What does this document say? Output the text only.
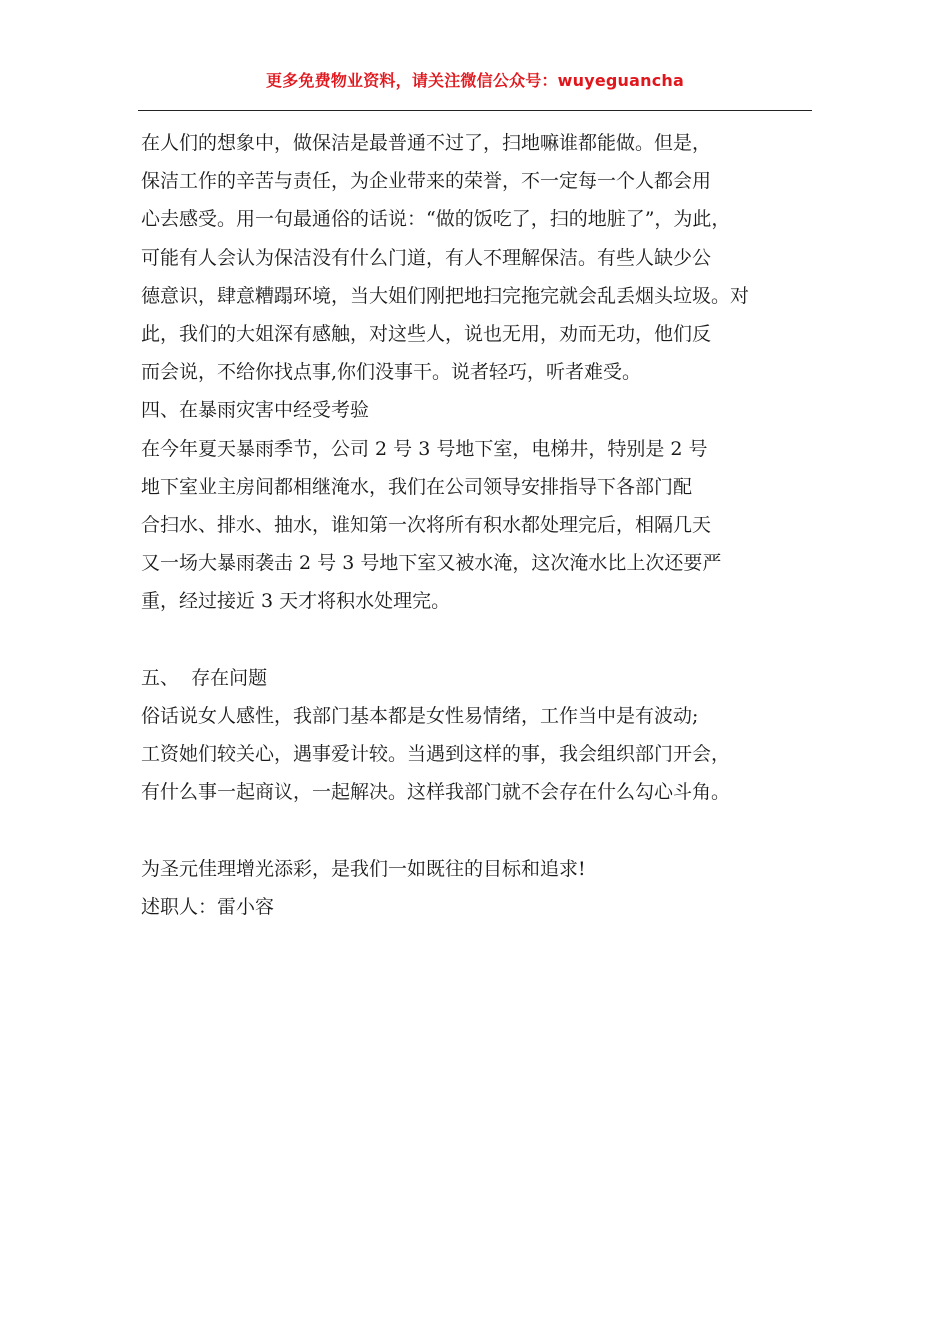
更多免费物业资料，请关注微信公众号：wuyeguancha
在人们的想象中，做保洁是最普通不过了，扫地嘛谁都能做。但是，
保洁工作的辛苦与责任，为企业带来的荣誉，不一定每一个人都会用
心去感受。用一句最通俗的话说：“做的饭吃了，扫的地脏了”，为此，
可能有人会认为保洁没有什么门道，有人不理解保洁。有些人缺少公
德意识，肆意糟蹋环境，当大姐们刚把地扫完拖完就会乱丢烟头垃圾。对
此，我们的大姐深有感触，对这些人，说也无用，劝而无功，他们反
而会说，不给你找点事,你们没事干。说者轻巧，听者难受。
四、在暴雨灾害中经受考验
在今年夏天暴雨季节，公司 2 号 3 号地下室，电梯井，特别是 2 号
地下室业主房间都相继淹水，我们在公司领导安排指导下各部门配
合扫水、排水、抽水，谁知第一次将所有积水都处理完后，相隔几天
又一场大暴雨袭击 2 号 3 号地下室又被水淹，这次淹水比上次还要严
重，经过接近 3 天才将积水处理完。
五、  存在问题
俗话说女人感性，我部门基本都是女性易情绪，工作当中是有波动;
工资她们较关心，遇事爱计较。当遇到这样的事，我会组织部门开会，
有什么事一起商议，一起解决。这样我部门就不会存在什么勾心斗角。
为圣元佳理增光添彩，是我们一如既往的目标和追求!
述职人：雷小容
